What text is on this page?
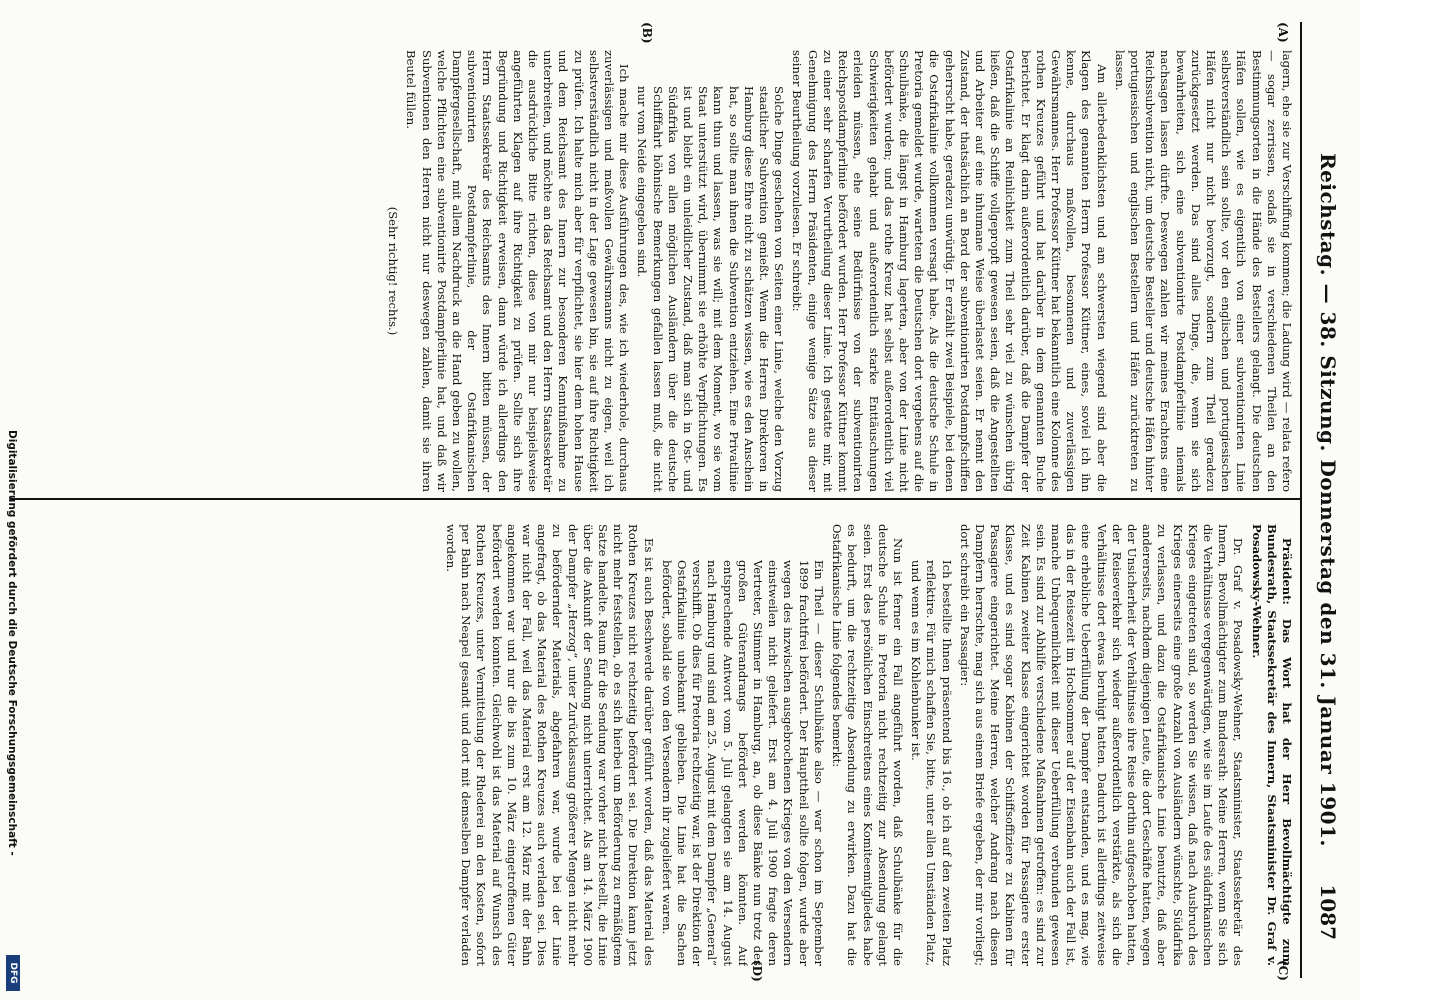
Reichstag. — 38. Sitzung. Donnerstag den 31. Januar 1901.
1087
(A)
(B)
(C)
(D)

lagern, ehe sie zur Verschiffung kommen; die Ladung wird — relata refero — sogar zerrissen, sodaß sie in verschiedenen Theilen an den Bestimmungsorten in die Hände des Bestellers gelangt. Die deutschen Häfen sollen, wie es eigentlich von einer subventionirten Linie selbstverständlich sein sollte, vor den englischen und portugiesischen Häfen nicht nur nicht bevorzugt, sondern zum Theil geradezu zurückgesetzt werden. Das sind alles Dinge, die, wenn sie sich bewahrheiten, sich eine subventionirte Postdampferlinie niemals nachsagen lassen dürfte. Deswegen zahlen wir meines Erachtens eine Reichssubvention nicht, um deutsche Besteller und deutsche Häfen hinter portugiesischen und englischen Bestellern und Häfen zurücktreten zu lassen.

Am allerbedenklichsten und am schwersten wiegend sind aber die Klagen des genannten Herrn Professor Küttner, eines, soviel ich ihn kenne, durchaus maßvollen, besonnenen und zuverlässigen Gewährsmannes. Herr Professor Küttner hat bekanntlich eine Kolonne des rothen Kreuzes geführt und hat darüber in dem genannten Buche berichtet. Er klagt darin außerordentlich darüber, daß die Dampfer der Ostafrikalinie an Reinlichkeit zum Theil sehr viel zu wünschen übrig ließen, daß die Schiffe vollgepropft gewesen seien, daß die Angestellten und Arbeiter auf eine inhumane Weise überlastet seien. Er nennt den Zustand, der thatsächlich an Bord der subventionirten Postdampfschiffen geherrscht habe, geradezu unwürdig. Er erzählt zwei Beispiele, bei denen die Ostafrikalinie vollkommen versagt habe. Als die deutsche Schule in Pretoria gemeldet wurde, warteten die Deutschen dort vergebens auf die Schulbänke, die längst in Hamburg lagerten, aber von der Linie nicht befördert wurden; und das rothe Kreuz hat selbst außerordentlich viel Schwierigkeiten gehabt und außerordentlich starke Enttäuschungen erleiden müssen, ehe seine Bedürfnisse von der subventionirten Reichspostdampferlinie befördert wurden. Herr Professor Küttner kommt zu einer sehr scharfen Verurtheilung dieser Linie. Ich gestatte mir, mit Genehmigung des Herrn Präsidenten, einige wenige Sätze aus dieser seiner Beurtheilung vorzulesen. Er schreibt:

Solche Dinge geschehen von Seiten einer Linie, welche den Vorzug staatlicher Subvention genießt. Wenn die Herren Direktoren in Hamburg diese Ehre nicht zu schätzen wissen, wie es den Anschein hat, so sollte man ihnen die Subvention entziehen. Eine Privatlinie kann thun und lassen, was sie will; mit dem Moment, wo sie vom Staat unterstützt wird, übernimmt sie erhöhte Verpflichtungen. Es ist und bleibt ein unleidlicher Zustand, daß man sich in Ost- und Südafrika von allen möglichen Ausländern über die deutsche Schifffahrt höhnische Bemerkungen gefallen lassen muß, die nicht nur vom Neide eingegeben sind.

Ich mache mir diese Ausführungen des, wie ich wiederhole, durchaus zuverlässigen und maßvollen Gewährsmanns nicht zu eigen, weil ich selbstverständlich nicht in der Lage gewesen bin, sie auf ihre Richtigkeit zu prüfen. Ich halte mich aber für verpflichtet, sie hier dem hohen Hause und dem Reichsamt des Innern zur besonderen Kenntnißnahme zu unterbreiten, und möchte an das Reichsamt und den Herrn Staatssekretär die ausdrückliche Bitte richten, diese von mir nur beispielsweise angeführten Klagen auf ihre Richtigkeit zu prüfen. Sollte sich ihre Begründung und Richtigkeit erweisen, dann würde ich allerdings den Herrn Staatssekretär des Reichsamts des Innern bitten müssen, der subventionirten Postdampferlinie, der Ostafrikanischen Dampfergesellschaft, mit allem Nachdruck an die Hand geben zu wollen, welche Pflichten eine subventionirte Postdampferlinie hat, und daß wir Subventionen den Herren nicht nur deswegen zahlen, damit sie ihren Beutel füllen.

(Sehr richtig! rechts.)

Präsident: Das Wort hat der Herr Bevollmächtigte zum Bundesrath, Staatssekretär des Innern, Staatsminister Dr. Graf v. Posadowsky-Wehner.

Dr. Graf v. Posadowsky-Wehner, Staatsminister, Staatssekretär des Innern, Bevollmächtigter zum Bundesrath: Meine Herren, wenn Sie sich die Verhältnisse vergegenwärtigen, wie sie im Laufe des südafrikanischen Krieges eingetreten sind, so werden Sie wissen, daß nach Ausbruch des Krieges einerseits eine große Anzahl von Ausländern wünschte, Südafrika zu verlassen, und dazu die Ostafrikanische Linie benutzte, daß aber andererseits, nachdem diejenigen Leute, die dort Geschäfte hatten, wegen der Unsicherheit der Verhältnisse ihre Reise dorthin aufgeschoben hatten, der Reiseverkehr sich wieder außerordentlich verstärkte, als sich die Verhältnisse dort etwas beruhigt hatten. Dadurch ist allerdings zeitweise eine erhebliche Ueberfüllung der Dampfer entstanden, und es mag, wie das in der Reisezeit im Hochsommer auf der Eisenbahn auch der Fall ist, manche Unbequemlichkeit mit dieser Ueberfüllung verbunden gewesen sein. Es sind zur Abhilfe verschiedene Maßnahmen getroffen: es sind zur Zeit Kabinen zweiter Klasse eingerichtet worden für Passagiere erster Klasse, und es sind sogar Kabinen der Schiffsoffiziere zu Kabinen für Passagiere eingerichtet. Meine Herren, welcher Andrang nach diesen Dampfern herrschte, mag sich aus einem Briefe ergeben, der mir vorliegt; dort schreibt ein Passagier:

Ich bestellte Ihnen präsentend bis 16., ob ich auf den zweiten Platz reflektire. Für mich schaffen Sie, bitte, unter allen Umständen Platz, und wenn es im Kohlenbunker ist.

Nun ist ferner ein Fall angeführt worden, daß Schulbänke für die deutsche Schule in Pretoria nicht rechtzeitig zur Absendung gelangt seien. Erst des persönlichen Einschreitens eines Komiteemitgliedes habe es bedurft, um die rechtzeitige Absendung zu erwirken. Dazu hat die Ostafrikanische Linie folgendes bemerkt:

Ein Theil — dieser Schulbänke also — war schon im September 1899 frachtfrei befördert. Der Haupttheil sollte folgen, wurde aber wegen des inzwischen ausgebrochenen Krieges von den Versendern einstweilen nicht geliefert. Erst am 4. Juli 1900 fragte deren Vertreter, Stimmer in Hamburg, an, ob diese Bänke nun trotz des großen Güterandrangs befördert werden könnten. Auf entsprechende Antwort vom 5. Juli gelangten sie am 14. August nach Hamburg und sind am 25. August mit dem Dampfer „General“ verschifft. Ob dies für Pretoria rechtzeitig war, ist der Direktion der Ostafrikalinie unbekannt geblieben. Die Linie hat die Sachen befördert, sobald sie von den Versendern ihr zugeliefert waren.

Es ist auch Beschwerde darüber geführt worden, daß das Material des Rothen Kreuzes nicht rechtzeitig befördert sei. Die Direktion kann jetzt nicht mehr feststellen, ob es sich hierbei um Beförderung zu ermäßigtem Satze handelte. Raum für die Sendung war vorher nicht bestellt, die Linie über die Ankunft der Sendung nicht unterrichtet. Als am 14. März 1900 der Dampfer „Herzog“, unter Zurücklassung größerer Mengen nicht mehr zu befördernder Materials, abgefahren war, wurde bei der Linie angefragt, ob das Material des Rothen Kreuzes auch verladen sei. Dies war nicht der Fall, weil das Material erst am 12. März mit der Bahn angekommen war und nur die bis zum 10. März eingetroffenen Güter befördert werden konnten. Gleichwohl ist das Material auf Wunsch des Rothen Kreuzes, unter Vermittelung der Rhederei an den Kosten, sofort per Bahn nach Neapel gesandt und dort mit demselben Dampfer verladen worden.

Digitalisierung gefördert durch die Deutsche Forschungsgemeinschaft -
DFG
